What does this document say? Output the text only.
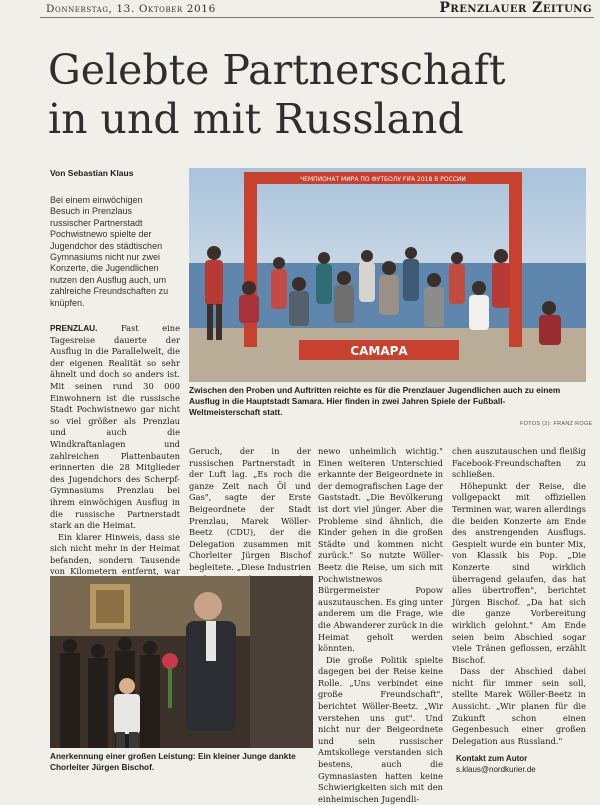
Donnerstag, 13. Oktober 2016	Prenzlauer Zeitung
Gelebte Partnerschaft
in und mit Russland
Von Sebastian Klaus
Bei einem einwöchigen Besuch in Prenzlaus russischer Partnerstadt Pochwistnewo spielte der Jugendchor des städtischen Gymnasiums nicht nur zwei Konzerte, die Jugendlichen nutzen den Ausflug auch, um zahlreiche Freundschaften zu knüpfen.
ЧЕМПИОНАТ МИРА ПО ФУТБОЛУ FIFA 2018 В РОССИИ
САМАРА
Zwischen den Proben und Auftritten reichte es für die Prenzlauer Jugendlichen auch zu einem Ausflug in die Hauptstadt Samara. Hier finden in zwei Jahren Spiele der Fußball-Weltmeisterschaft statt.
FOTOS (2): FRANZ ROGE

PRENZLAU.	Fast eine Tagesreise dauerte der Ausflug in die Parallelwelt, die der eigenen Realität so sehr ähnelt und doch so anders ist. Mit seinen rund 30 000 Einwohnern ist die russische Stadt Pochwistnewo gar nicht so viel größer als Prenzlau und auch die Windkraftanlagen und zahlreichen Plattenbauten erinnerten die 28 Mitglieder des Jugendchors des Scherpf-Gymnasiums Prenzlau bei ihrem einwöchigen Ausflug in die russische Partnerstadt stark an die Heimat.

Ein klarer Hinweis, dass sie sich nicht mehr in der Heimat befanden, sondern Tausende von Kilometern entfernt, war

Geruch, der in der russischen Partnerstadt in der Luft lag. „Es roch die ganze Zeit nach Öl und Gas", sagte der Erste Beigeordnete der Stadt Prenzlau, Marek Wöller-Beetz (CDU), der die Delegation zusammen mit Chorleiter Jürgen Bischof begleitete. „Diese Industrien

newo unheimlich wichtig." Einen weiteren Unterschied erkannte der Beigeordnete in der demografischen Lage der Gaststadt. „Die Bevölkerung ist dort viel jünger. Aber die Probleme sind ähnlich, die Kinder gehen in die großen Städte und kommen nicht zurück." So nutzte Wöller-Beetz die Reise, um sich mit Pochwistnewos Bürgermeister Popow auszutauschen. Es ging unter anderem um die Frage, wie die Abwanderer zurück in die Heimat geholt werden könnten.

Die große Politik spielte dagegen bei der Reise keine Rolle. „Uns verbindet eine große Freundschaft", berichtet Wöller-Beetz. „Wir verstehen uns gut". Und nicht nur der Beigeordnete und sein russischer Amtskollege verstanden sich bestens, auch die Gymnasiasten hatten keine Schwierigkeiten sich mit den einheimischen Jugendli-

chen auszutauschen und fleißig Facebook-Freundschaften zu schließen.

Höhepunkt der Reise, die vollgepackt mit offiziellen Terminen war, waren allerdings die beiden Konzerte am Ende des anstrengenden Ausflugs. Gespielt wurde ein bunter Mix, von Klassik bis Pop. „Die Konzerte sind wirklich überragend gelaufen, das hat alles übertroffen", berichtet Jürgen Bischof. „Da hat sich die ganze Vorbereitung wirklich gelohnt." Am Ende seien beim Abschied sogar viele Tränen geflossen, erzählt Bischof.

Dass der Abschied dabei nicht für immer sein soll, stellte Marek Wöller-Beetz in Aussicht. „Wir planen für die Zukunft schon einen Gegenbesuch einer großen Delegation aus Russland."

Kontakt zum Autor
s.klaus@nordkurier.de
Anerkennung einer großen Leistung: Ein kleiner Junge dankte Chorleiter Jürgen Bischof.
